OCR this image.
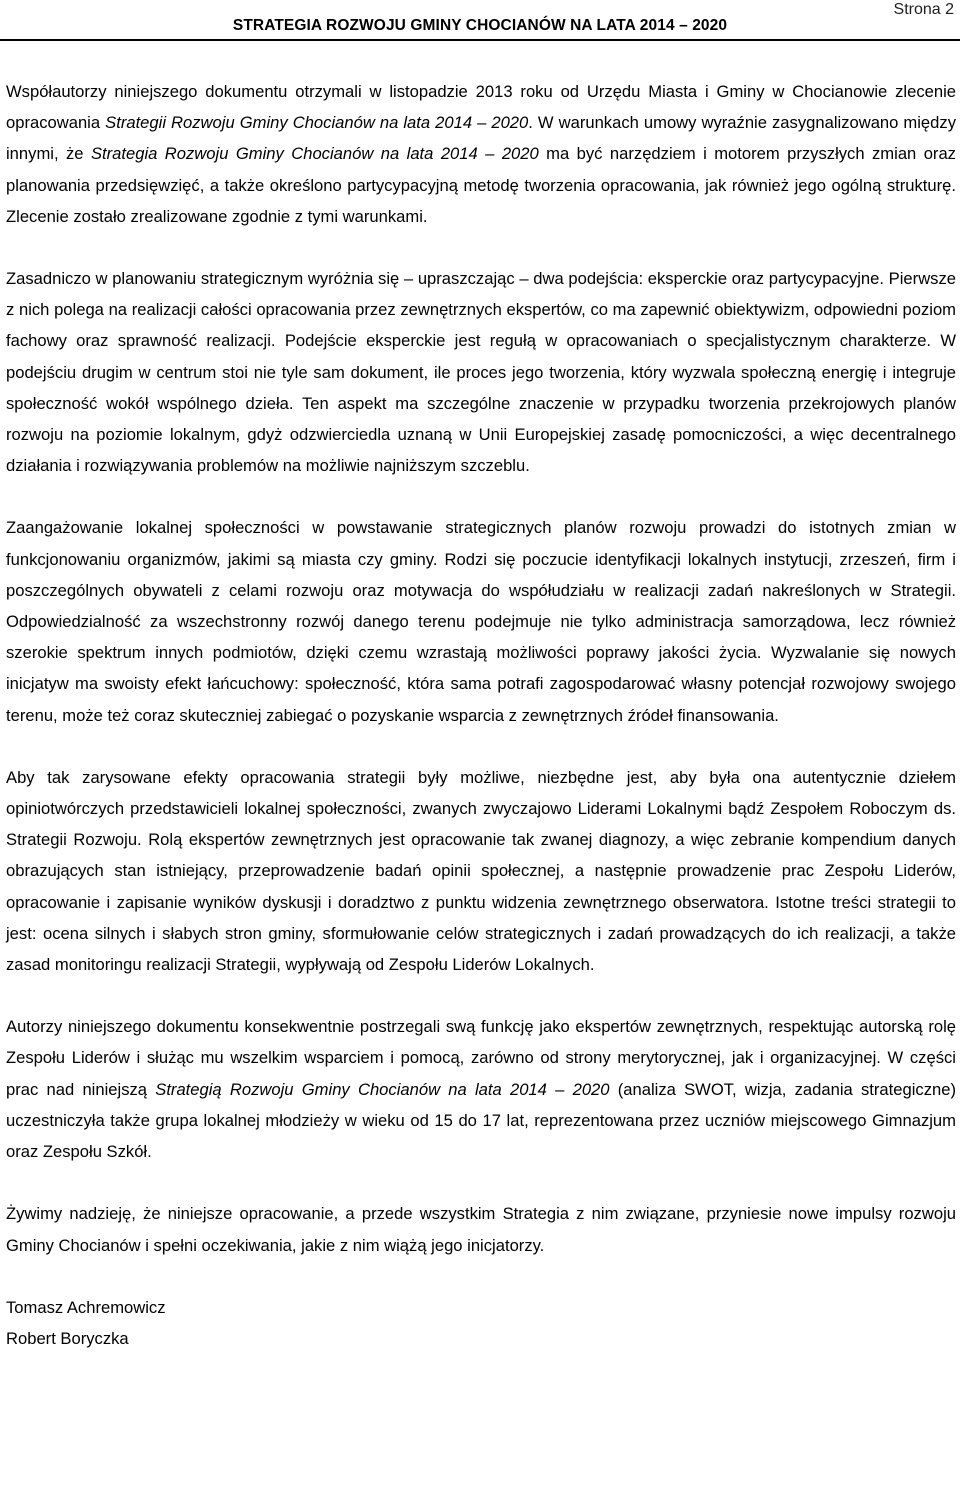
Strona 2
STRATEGIA ROZWOJU GMINY CHOCIANÓW NA LATA 2014 – 2020

Współautorzy niniejszego dokumentu otrzymali w listopadzie 2013 roku od Urzędu Miasta i Gminy w Chocianowie zlecenie opracowania Strategii Rozwoju Gminy Chocianów na lata 2014 – 2020. W warunkach umowy wyraźnie zasygnalizowano między innymi, że Strategia Rozwoju Gminy Chocianów na lata 2014 – 2020 ma być narzędziem i motorem przyszłych zmian oraz planowania przedsięwzięć, a także określono partycypacyjną metodę tworzenia opracowania, jak również jego ogólną strukturę. Zlecenie zostało zrealizowane zgodnie z tymi warunkami.

Zasadniczo w planowaniu strategicznym wyróżnia się – upraszczając – dwa podejścia: eksperckie oraz partycypacyjne. Pierwsze z nich polega na realizacji całości opracowania przez zewnętrznych ekspertów, co ma zapewnić obiektywizm, odpowiedni poziom fachowy oraz sprawność realizacji. Podejście eksperckie jest regułą w opracowaniach o specjalistycznym charakterze. W podejściu drugim w centrum stoi nie tyle sam dokument, ile proces jego tworzenia, który wyzwala społeczną energię i integruje społeczność wokół wspólnego dzieła. Ten aspekt ma szczególne znaczenie w przypadku tworzenia przekrojowych planów rozwoju na poziomie lokalnym, gdyż odzwierciedla uznaną w Unii Europejskiej zasadę pomocniczości, a więc decentralnego działania i rozwiązywania problemów na możliwie najniższym szczeblu.

Zaangażowanie lokalnej społeczności w powstawanie strategicznych planów rozwoju prowadzi do istotnych zmian w funkcjonowaniu organizmów, jakimi są miasta czy gminy. Rodzi się poczucie identyfikacji lokalnych instytucji, zrzeszeń, firm i poszczególnych obywateli z celami rozwoju oraz motywacja do współudziału w realizacji zadań nakreślonych w Strategii. Odpowiedzialność za wszechstronny rozwój danego terenu podejmuje nie tylko administracja samorządowa, lecz również szerokie spektrum innych podmiotów, dzięki czemu wzrastają możliwości poprawy jakości życia. Wyzwalanie się nowych inicjatyw ma swoisty efekt łańcuchowy: społeczność, która sama potrafi zagospodarować własny potencjał rozwojowy swojego terenu, może też coraz skuteczniej zabiegać o pozyskanie wsparcia z zewnętrznych źródeł finansowania.

Aby tak zarysowane efekty opracowania strategii były możliwe, niezbędne jest, aby była ona autentycznie dziełem opiniotwórczych przedstawicieli lokalnej społeczności, zwanych zwyczajowo Liderami Lokalnymi bądź Zespołem Roboczym ds. Strategii Rozwoju. Rolą ekspertów zewnętrznych jest opracowanie tak zwanej diagnozy, a więc zebranie kompendium danych obrazujących stan istniejący, przeprowadzenie badań opinii społecznej, a następnie prowadzenie prac Zespołu Liderów, opracowanie i zapisanie wyników dyskusji i doradztwo z punktu widzenia zewnętrznego obserwatora. Istotne treści strategii to jest: ocena silnych i słabych stron gminy, sformułowanie celów strategicznych i zadań prowadzących do ich realizacji, a także zasad monitoringu realizacji Strategii, wypływają od Zespołu Liderów Lokalnych.

Autorzy niniejszego dokumentu konsekwentnie postrzegali swą funkcję jako ekspertów zewnętrznych, respektując autorską rolę Zespołu Liderów i służąc mu wszelkim wsparciem i pomocą, zarówno od strony merytorycznej, jak i organizacyjnej. W części prac nad niniejszą Strategią Rozwoju Gminy Chocianów na lata 2014 – 2020 (analiza SWOT, wizja, zadania strategiczne) uczestniczyła także grupa lokalnej młodzieży w wieku od 15 do 17 lat, reprezentowana przez uczniów miejscowego Gimnazjum oraz Zespołu Szkół.

Żywimy nadzieję, że niniejsze opracowanie, a przede wszystkim Strategia z nim związane, przyniesie nowe impulsy rozwoju Gminy Chocianów i spełni oczekiwania, jakie z nim wiążą jego inicjatorzy.

Tomasz Achremowicz
Robert Boryczka
